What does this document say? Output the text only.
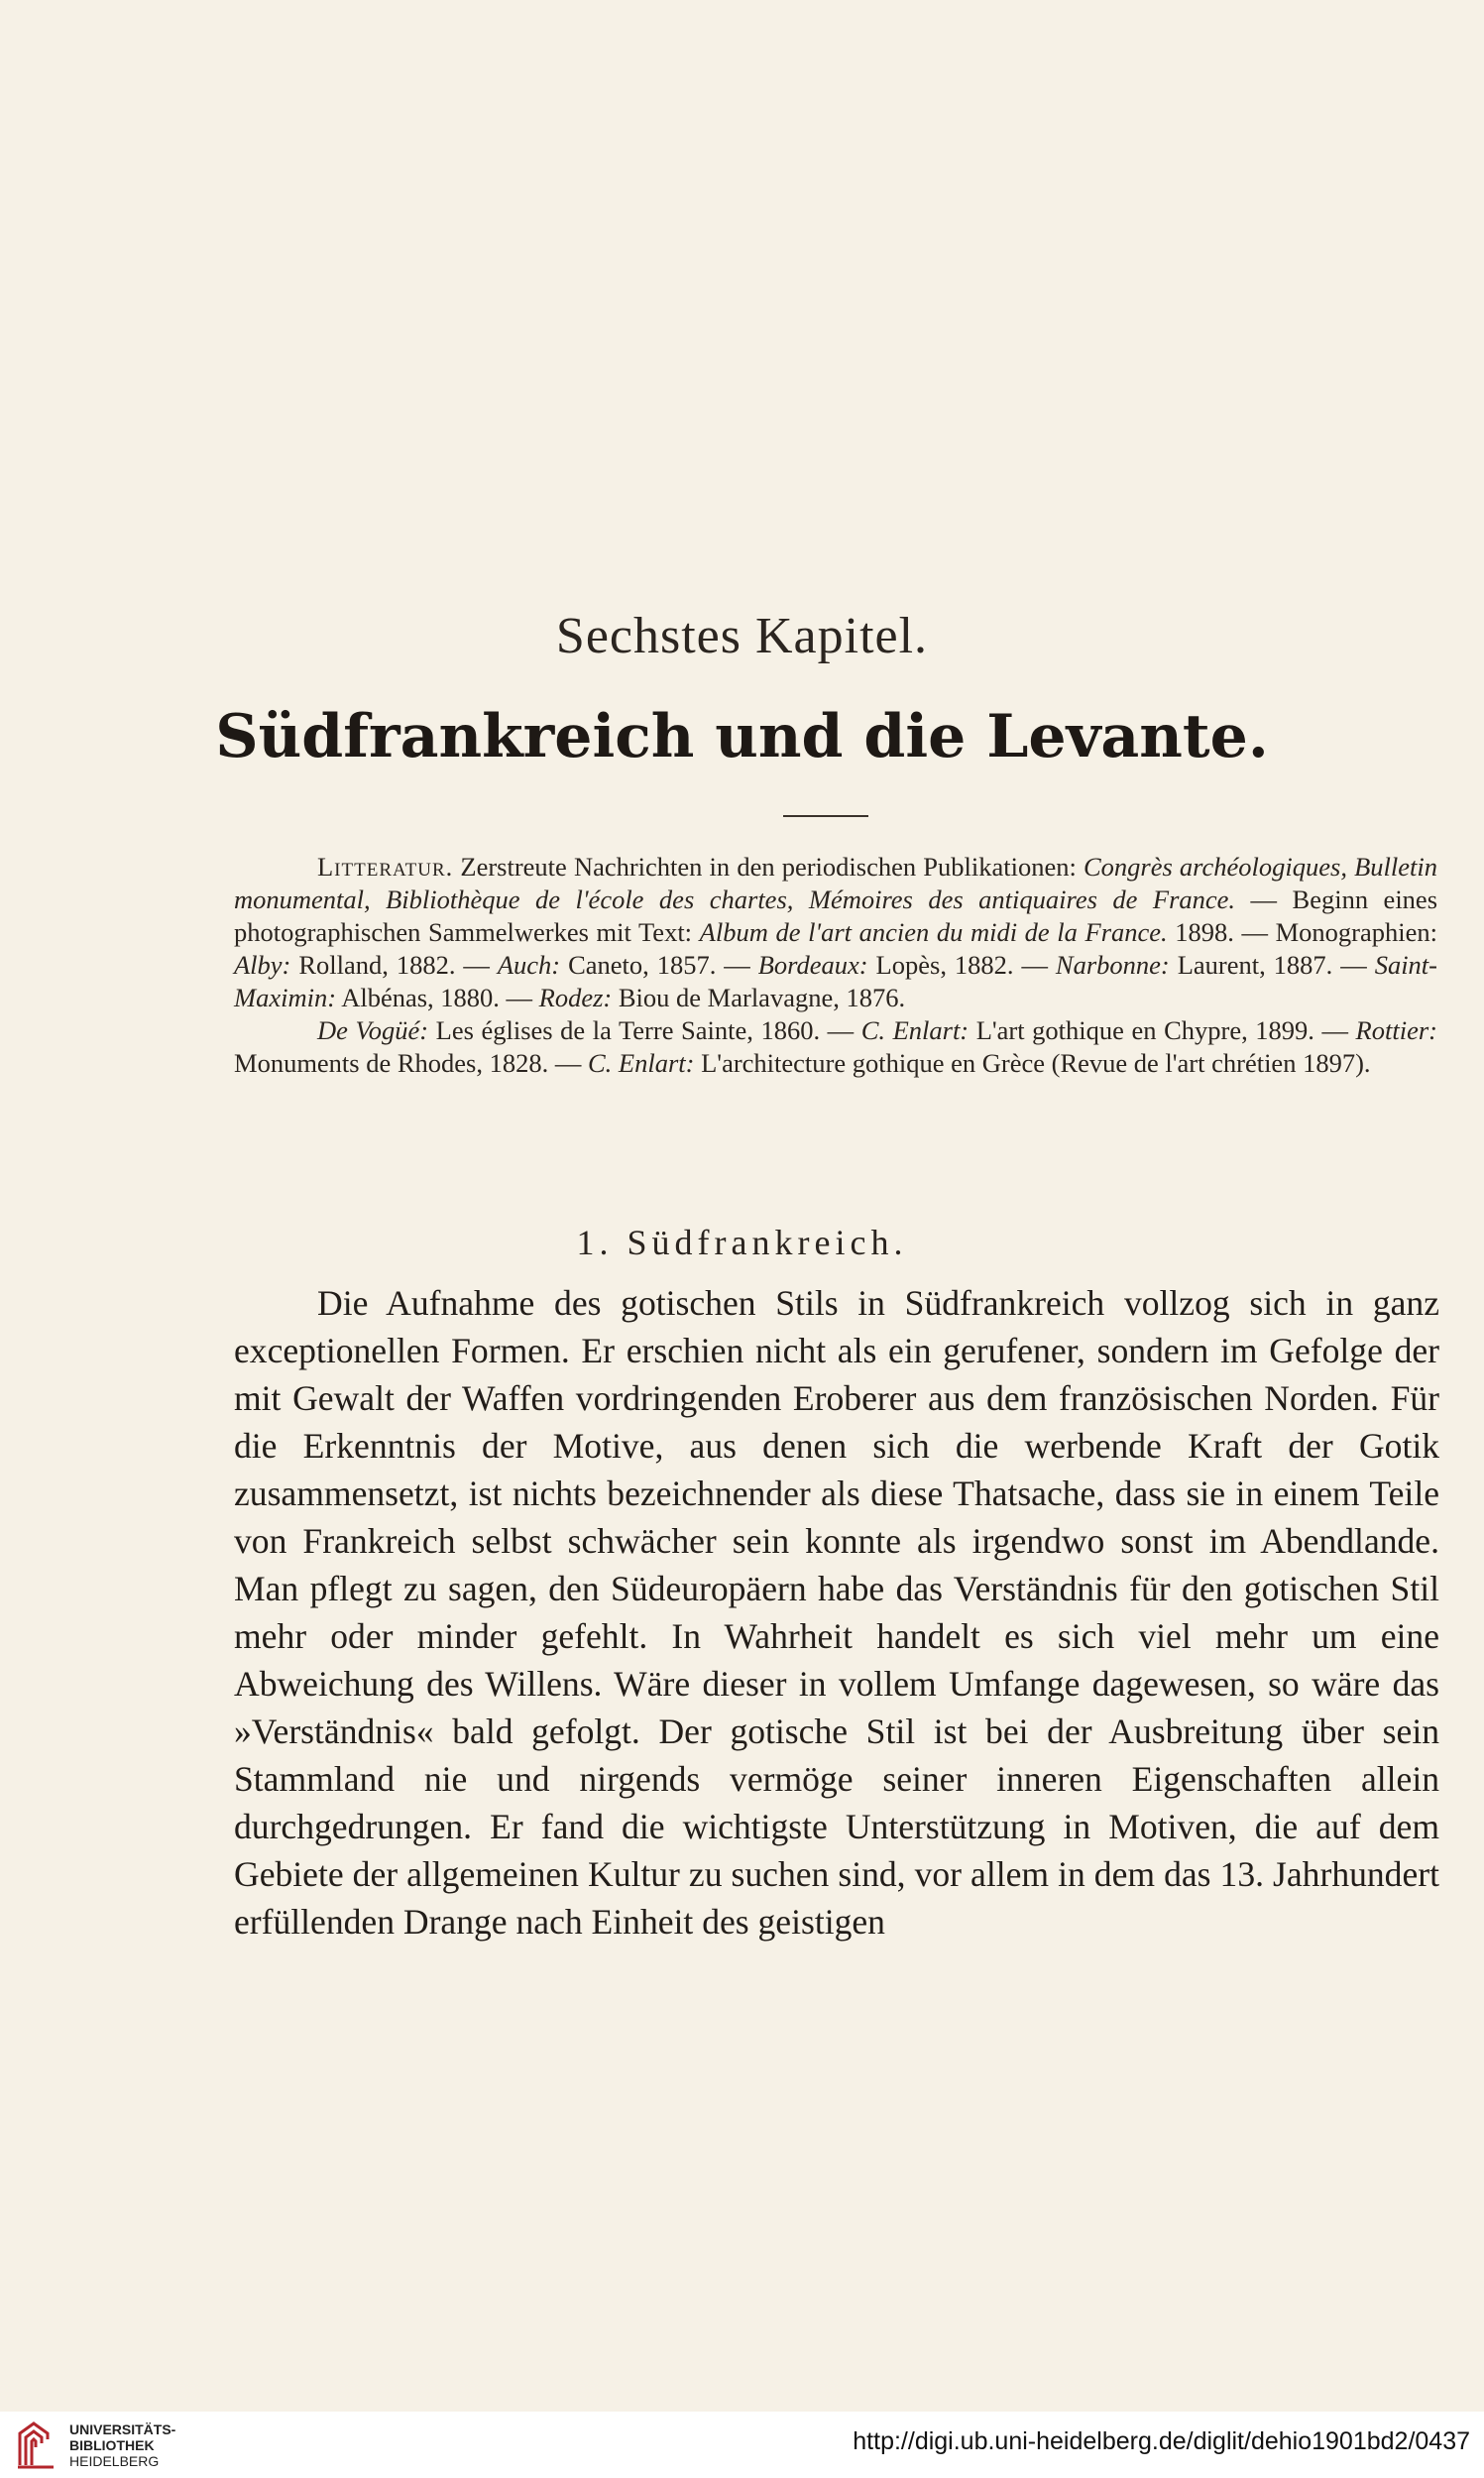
Sechstes Kapitel.
Südfrankreich und die Levante.

Litteratur. Zerstreute Nachrichten in den periodischen Publikationen: Congrès archéologiques, Bulletin monumental, Bibliothèque de l'école des chartes, Mémoires des antiquaires de France. — Beginn eines photographischen Sammelwerkes mit Text: Album de l'art ancien du midi de la France. 1898. — Monographien: Alby: Rolland, 1882. — Auch: Caneto, 1857. — Bordeaux: Lopès, 1882. — Narbonne: Laurent, 1887. — Saint-Maximin: Albénas, 1880. — Rodez: Biou de Marlavagne, 1876.

De Vogüé: Les églises de la Terre Sainte, 1860. — C. Enlart: L'art gothique en Chypre, 1899. — Rottier: Monuments de Rhodes, 1828. — C. Enlart: L'architecture gothique en Grèce (Revue de l'art chrétien 1897).

1. Südfrankreich.

Die Aufnahme des gotischen Stils in Südfrankreich vollzog sich in ganz exceptionellen Formen. Er erschien nicht als ein gerufener, sondern im Gefolge der mit Gewalt der Waffen vordringenden Eroberer aus dem französischen Norden. Für die Erkenntnis der Motive, aus denen sich die werbende Kraft der Gotik zusammensetzt, ist nichts bezeichnender als diese Thatsache, dass sie in einem Teile von Frankreich selbst schwächer sein konnte als irgendwo sonst im Abendlande. Man pflegt zu sagen, den Südeuropäern habe das Verständnis für den gotischen Stil mehr oder minder gefehlt. In Wahrheit handelt es sich viel mehr um eine Abweichung des Willens. Wäre dieser in vollem Umfange dagewesen, so wäre das »Verständnis« bald gefolgt. Der gotische Stil ist bei der Ausbreitung über sein Stammland nie und nirgends vermöge seiner inneren Eigenschaften allein durchgedrungen. Er fand die wichtigste Unterstützung in Motiven, die auf dem Gebiete der allgemeinen Kultur zu suchen sind, vor allem in dem das 13. Jahrhundert erfüllenden Drange nach Einheit des geistigen

UNIVERSITÄTS-
BIBLIOTHEK
HEIDELBERG
http://digi.ub.uni-heidelberg.de/diglit/dehio1901bd2/0437
